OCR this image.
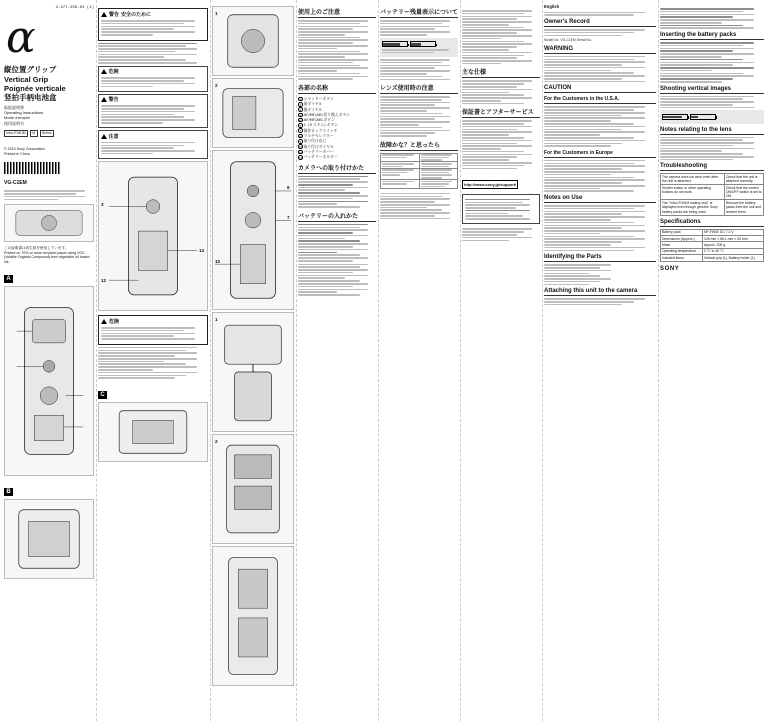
4-477-256-01 (1)
α
縦位置グリップ
Vertical Grip
Poignée verticale
竖拍手柄电池盒
取扱説明書
Operating Instructions
Mode d'emploi
使用说明书
InfoLITHIUM	M	Series
© 2013 Sony Corporation
Printed in China
VG-C1EM
この説明書は再生紙を使用しています。
Printed on 70% or more recycled paper using VOC (Volatile Organic Compound)-free vegetable oil based ink.
A
B
警告 安全のために
危険
警告
注意
3
13
12
危険
C
1
2
6
7
10
1
2
使用上のご注意
各部の名称
1 シャッターボタン
2 前ダイヤル
3 後ダイヤル
4 AF/MF/AEL切り換えボタン
5 AF/MF/AELボタン
6 C (カスタム) ボタン
7 操作ロックスイッチ
8 マルチセレクター
9 取り付けねじ
10取り付けダイヤル
11バッテリーカバー
12バッテリーホルダー
カメラへの取り付けかた
バッテリーの入れかた
バッテリー残量表示について
レンズ使用時の注意
故障かな？と思ったら

主な仕様
保証書とアフターサービス
http://www.sony.jp/support/
English
Owner's Record
Model No. VG-C1EM Serial No.
WARNING
CAUTION
For the Customers in the U.S.A.
For the Customers in Europe
Notes on Use
Identifying the Parts
Attaching this unit to the camera
Inserting the battery packs
Shooting vertical images
Notes relating to the lens
Troubleshooting
The camera does not work even after the unit is attached.	Check that the unit is attached correctly.
Shutter button or other operating buttons do not work.	Check that the control ON/OFF switch is set to ON.
The "InfoLITHIUM battery only" is displayed even though genuine Sony battery packs are being used.	Remove the battery packs from the unit and reinsert them.
Specifications
Battery pack	NP-FW50 DC 7.2 V
Dimensions (Approx.)	126 mm × 68.1 mm × 53 mm
Mass	Approx. 205 g
Operating temperature	0 °C to 40 °C
Included items	Vertical grip (1), Battery holder (1)
SONY
